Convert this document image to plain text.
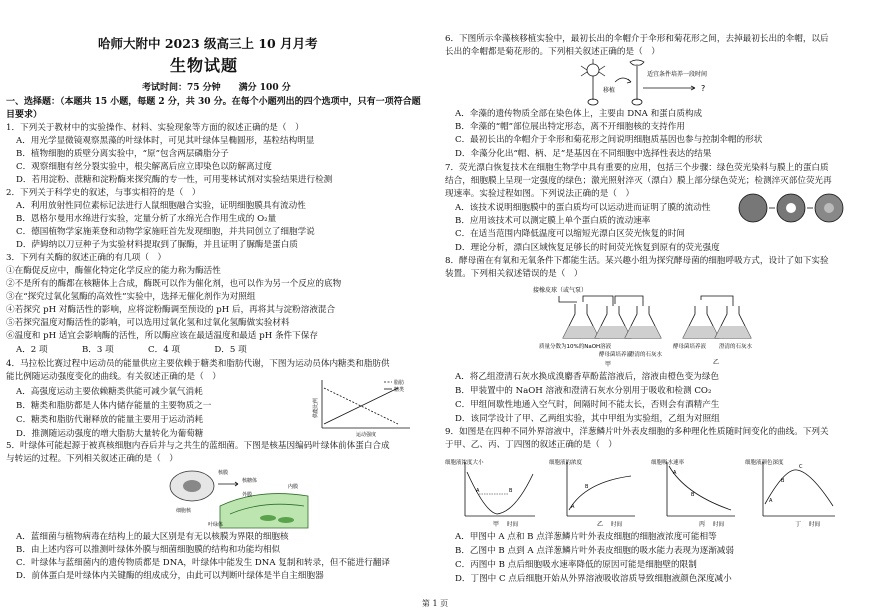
哈师大附中 2023 级高三上 10 月月考
生物试题
考试时间：75 分钟　　满分 100 分
一、选择题：（本题共 15 小题，每题 2 分，共 30 分。在每个小题列出的四个选项中，只有一项符合题
目要求）
1．下列关于教材中的实验操作、材料、实验现象等方面的叙述正确的是（　）
A．用光学显微镜观察黑藻的叶绿体时，可见其叶绿体呈椭圆形，基粒结构明显
B．植物细胞的质壁分离实验中，“原”包含两层磷脂分子
C．观察细胞有丝分裂实验中，根尖解离后应立即染色以防解离过度
D．若用淀粉、蔗糖和淀粉酶来探究酶的专一性，可用斐林试剂对实验结果进行检测
2．下列关于科学史的叙述，与事实相符的是（　）
A．利用放射性同位素标记法进行人鼠细胞融合实验，证明细胞膜具有流动性
B．恩格尔曼用水绵进行实验，定量分析了水绵光合作用生成的 O₂量
C．德国植物学家施莱登和动物学家施旺首先发现细胞，并共同创立了细胞学说
D．萨姆纳以刀豆种子为实验材料提取到了脲酶，并且证明了脲酶是蛋白质
3．下列有关酶的叙述正确的有几项（　）
①在酶促反应中，酶催化特定化学反应的能力称为酶活性
②不是所有的酶都在核糖体上合成，酶既可以作为催化剂，也可以作为另一个反应的底物
③在“探究过氧化氢酶的高效性”实验中，选择无催化剂作为对照组
④若探究 pH 对酶活性的影响，应将淀粉酶调至预设的 pH 后，再将其与淀粉溶液混合
⑤若探究温度对酶活性的影响，可以选用过氧化氢和过氧化氢酶做实验材料
⑥温度和 pH 适宜会影响酶的活性，所以酶应该在最适温度和最适 pH 条件下保存
A．2 项　　　　B．3 项　　　　C．4 项　　　　D．5 项
4．马拉松比赛过程中运动员的能量供应主要依赖于糖类和脂肪代谢，下图为运动员体内糖类和脂肪供
能比例随运动强度变化的曲线。有关叙述正确的是（　）
A．高强度运动主要依赖糖类供能可减少氧气消耗
B．糖类和脂肪都是人体内储存能量的主要物质之一
C．糖类和脂肪代谢释放的能量主要用于运动消耗
D．推测随运动强度的增大脂肪大量转化为葡萄糖
5．叶绿体可能起源于被真核细胞内吞后并与之共生的蓝细菌。下图是核基因编码叶绿体前体蛋白合成
与转运的过程。下列相关叙述正确的是（　）
A．蓝细菌与植物病毒在结构上的最大区别是有无以核膜为界限的细胞核
B．由上述内容可以推测叶绿体外膜与细菌细胞膜的结构和功能均相似
C．叶绿体与蓝细菌内的遗传物质都是 DNA，叶绿体中能发生 DNA 复制和转录，但不能进行翻译
D．前体蛋白是叶绿体内关键酶的组成成分，由此可以判断叶绿体是半自主细胞器
脂肪
糖类
运动强度
供能比例
核膜
核糖体
细胞核
外膜
叶绿体
内膜
6．下图所示伞藻核移植实验中，最初长出的伞帽介于伞形和菊花形之间，去掉最初长出的伞帽，以后
长出的伞帽都是菊花形的。下列相关叙述正确的是（　）
A．伞藻的遗传物质全部在染色体上，主要由 DNA 和蛋白质构成
B．伞藻的“帽”部位展出特定形态，离不开细胞核的支持作用
C．最初长出的伞帽介于伞形和菊花形之间说明细胞质基因也参与控制伞帽的形状
D．伞藻分化出“帽、柄、足”是基因在不同细胞中选择性表达的结果
7．荧光漂白恢复技术在细胞生物学中具有重要的应用，包括三个步骤：绿色荧光染料与膜上的蛋白质
结合，细胞膜上呈现一定强度的绿色；激光照射淬灭（漂白）膜上部分绿色荧光；检测淬灭部位荧光再
现速率。实验过程如图。下列说法正确的是（　）
A．该技术说明细胞膜中的蛋白质均可以运动进而证明了膜的流动性
B．应用该技术可以测定膜上单个蛋白质的流动速率
C．在适当范围内降低温度可以缩短光漂白区荧光恢复的时间
D．理论分析，漂白区域恢复足够长的时间荧光恢复到原有的荧光强度
8．酵母菌在有氧和无氧条件下都能生活。某兴趣小组为探究酵母菌的细胞呼吸方式，设计了如下实验
装置。下列相关叙述错误的是（　）
A．将乙组澄清石灰水换成溴麝香草酚蓝溶液后，溶液由橙色变为绿色
B．甲装置中的 NaOH 溶液和澄清石灰水分别用于吸收和检测 CO₂
C．甲组间歇性地通入空气时，间隔时间不能太长，否则会有酒精产生
D．该同学设计了甲、乙两组实验，其中甲组为实验组，乙组为对照组
9．如图是在四种不同外界溶液中，洋葱鳞片叶外表皮细胞的多种理化性质随时间变化的曲线。下列关
于甲、乙、丙、丁四图的叙述正确的是（　）
A．甲图中 A 点和 B 点洋葱鳞片叶外表皮细胞的细胞液浓度可能相等
B．乙图中 B 点到 A 点洋葱鳞片叶外表皮细胞的吸水能力表现为逐渐减弱
C．丙图中 B 点后细胞吸水速率降低的原因可能是细胞壁的限制
D．丁图中 C 点后细胞开始从外界溶液吸收溶质导致细胞液颜色深度减小
移植
适宜条件培养一段时间
?
接橡皮球（或气泵）
质量分数为10%的NaOH溶液
酵母菌培养液
澄清的石灰水
甲
酵母菌培养液 澄清的石灰水
乙
细胞液浓度大小
A	B
甲 时间
细胞液的浓度
A
B
乙 时间
细胞吸水速率
A
B
丙 时间
细胞液颜色深度
A
B
C
丁 时间
第 1 页
